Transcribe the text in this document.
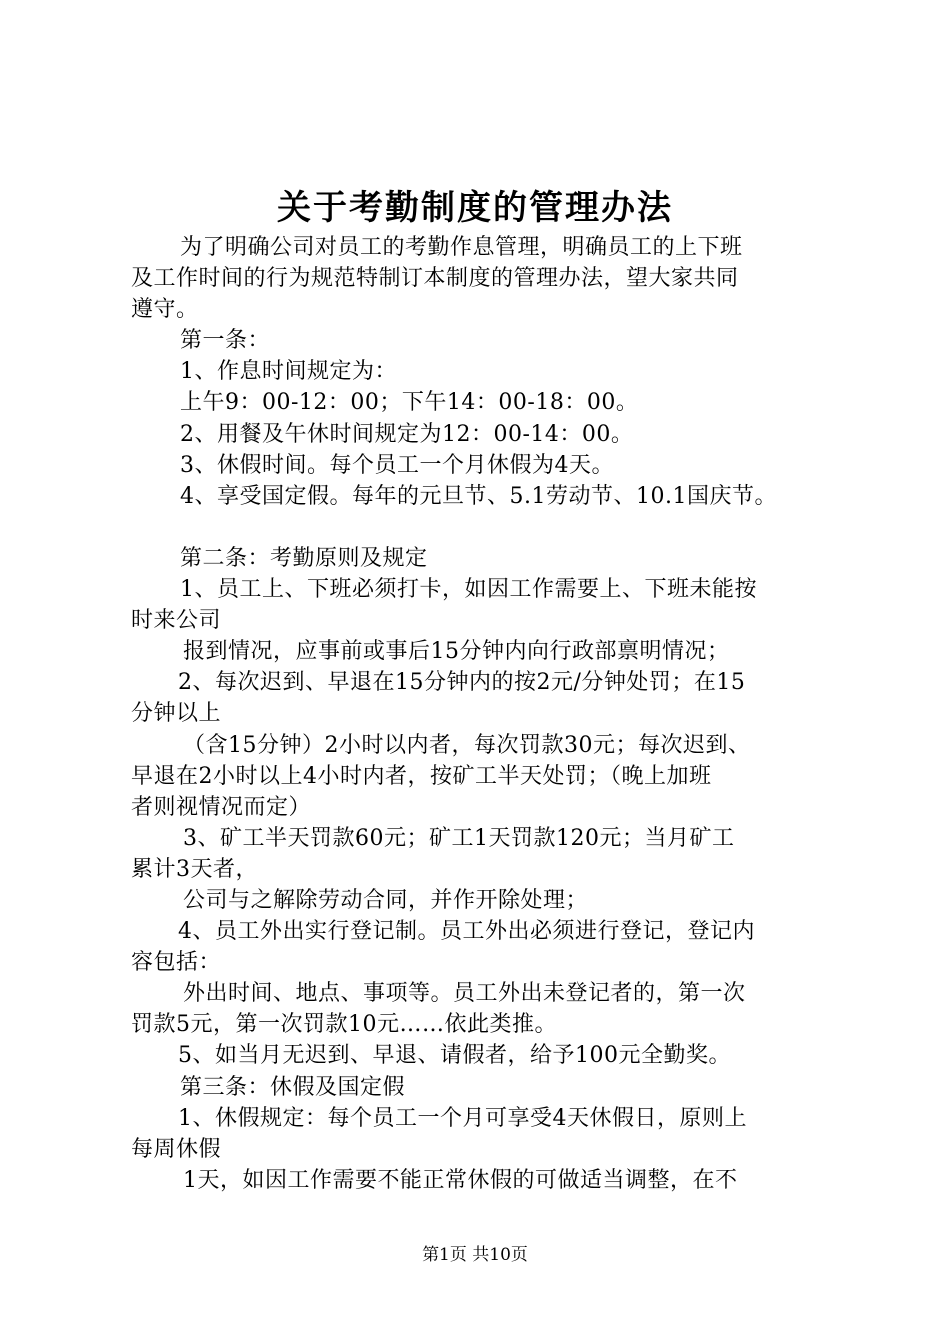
关于考勤制度的管理办法
为了明确公司对员工的考勤作息管理，明确员工的上下班
及工作时间的行为规范特制订本制度的管理办法，望大家共同
遵守。
第一条：
1、作息时间规定为：
上午9：00-12：00；下午14：00-18：00。
2、用餐及午休时间规定为12：00-14：00。
3、休假时间。每个员工一个月休假为4天。
4、享受国定假。每年的元旦节、5.1劳动节、10.1国庆节。
第二条：考勤原则及规定
1、员工上、下班必须打卡，如因工作需要上、下班未能按
时来公司
报到情况，应事前或事后15分钟内向行政部禀明情况；
2、每次迟到、早退在15分钟内的按2元/分钟处罚；在15
分钟以上
（含15分钟）2小时以内者，每次罚款30元；每次迟到、
早退在2小时以上4小时内者，按矿工半天处罚；（晚上加班
者则视情况而定）
3、矿工半天罚款60元；矿工1天罚款120元；当月矿工
累计3天者，
公司与之解除劳动合同，并作开除处理；
4、员工外出实行登记制。员工外出必须进行登记，登记内
容包括：
外出时间、地点、事项等。员工外出未登记者的，第一次
罚款5元，第一次罚款10元……依此类推。
5、如当月无迟到、早退、请假者，给予100元全勤奖。
第三条：休假及国定假
1、休假规定：每个员工一个月可享受4天休假日，原则上
每周休假
1天，如因工作需要不能正常休假的可做适当调整，在不
第1页 共10页
